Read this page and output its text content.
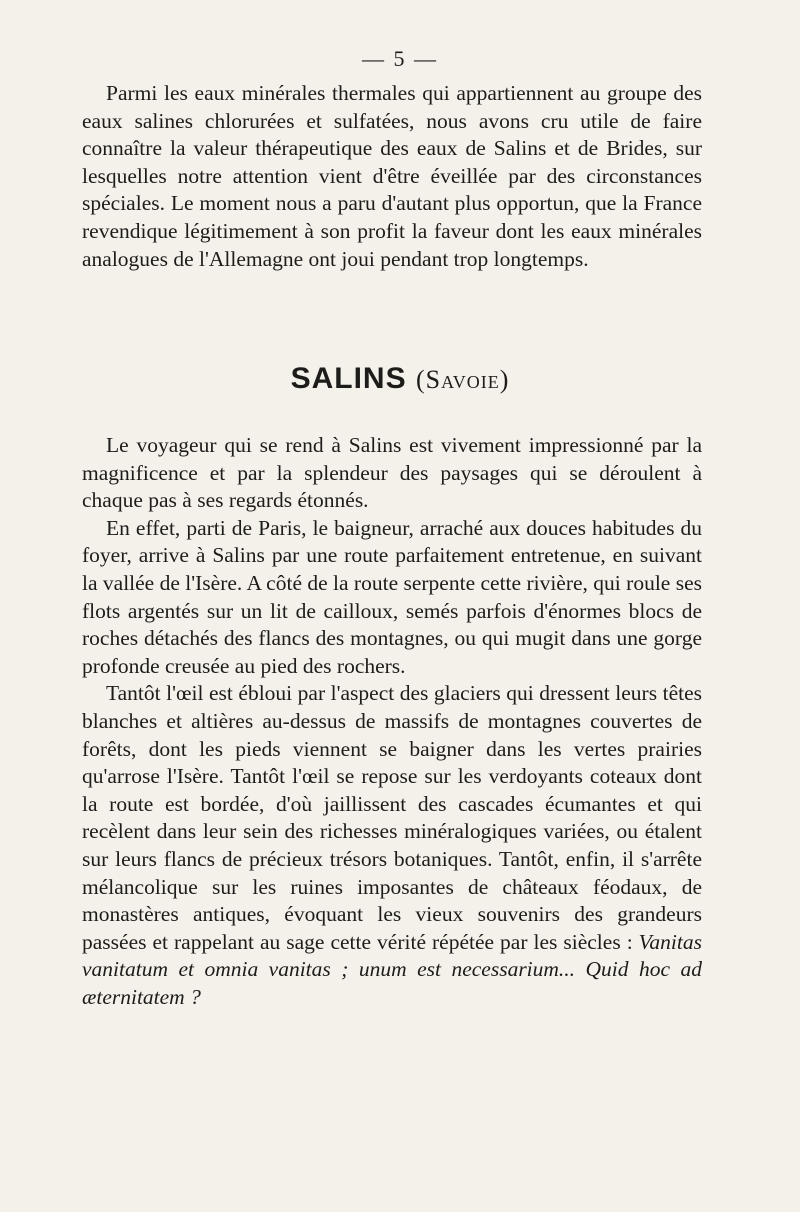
— 5 —
Parmi les eaux minérales thermales qui appartiennent au groupe des eaux salines chlorurées et sulfatées, nous avons cru utile de faire connaître la valeur thérapeutique des eaux de Salins et de Brides, sur lesquelles notre attention vient d'être éveillée par des circonstances spéciales. Le moment nous a paru d'autant plus opportun, que la France revendique légitimement à son profit la faveur dont les eaux minérales analogues de l'Allemagne ont joui pendant trop longtemps.
SALINS (Savoie)

Le voyageur qui se rend à Salins est vivement impressionné par la magnificence et par la splendeur des paysages qui se déroulent à chaque pas à ses regards étonnés.

En effet, parti de Paris, le baigneur, arraché aux douces habitudes du foyer, arrive à Salins par une route parfaitement entretenue, en suivant la vallée de l'Isère. A côté de la route serpente cette rivière, qui roule ses flots argentés sur un lit de cailloux, semés parfois d'énormes blocs de roches détachés des flancs des montagnes, ou qui mugit dans une gorge profonde creusée au pied des rochers.

Tantôt l'œil est ébloui par l'aspect des glaciers qui dressent leurs têtes blanches et altières au-dessus de massifs de montagnes couvertes de forêts, dont les pieds viennent se baigner dans les vertes prairies qu'arrose l'Isère. Tantôt l'œil se repose sur les verdoyants coteaux dont la route est bordée, d'où jaillissent des cascades écumantes et qui recèlent dans leur sein des richesses minéralogiques variées, ou étalent sur leurs flancs de précieux trésors botaniques. Tantôt, enfin, il s'arrête mélancolique sur les ruines imposantes de châteaux féodaux, de monastères antiques, évoquant les vieux souvenirs des grandeurs passées et rappelant au sage cette vérité répétée par les siècles : Vanitas vanitatum et omnia vanitas ; unum est necessarium... Quid hoc ad æternitatem ?
